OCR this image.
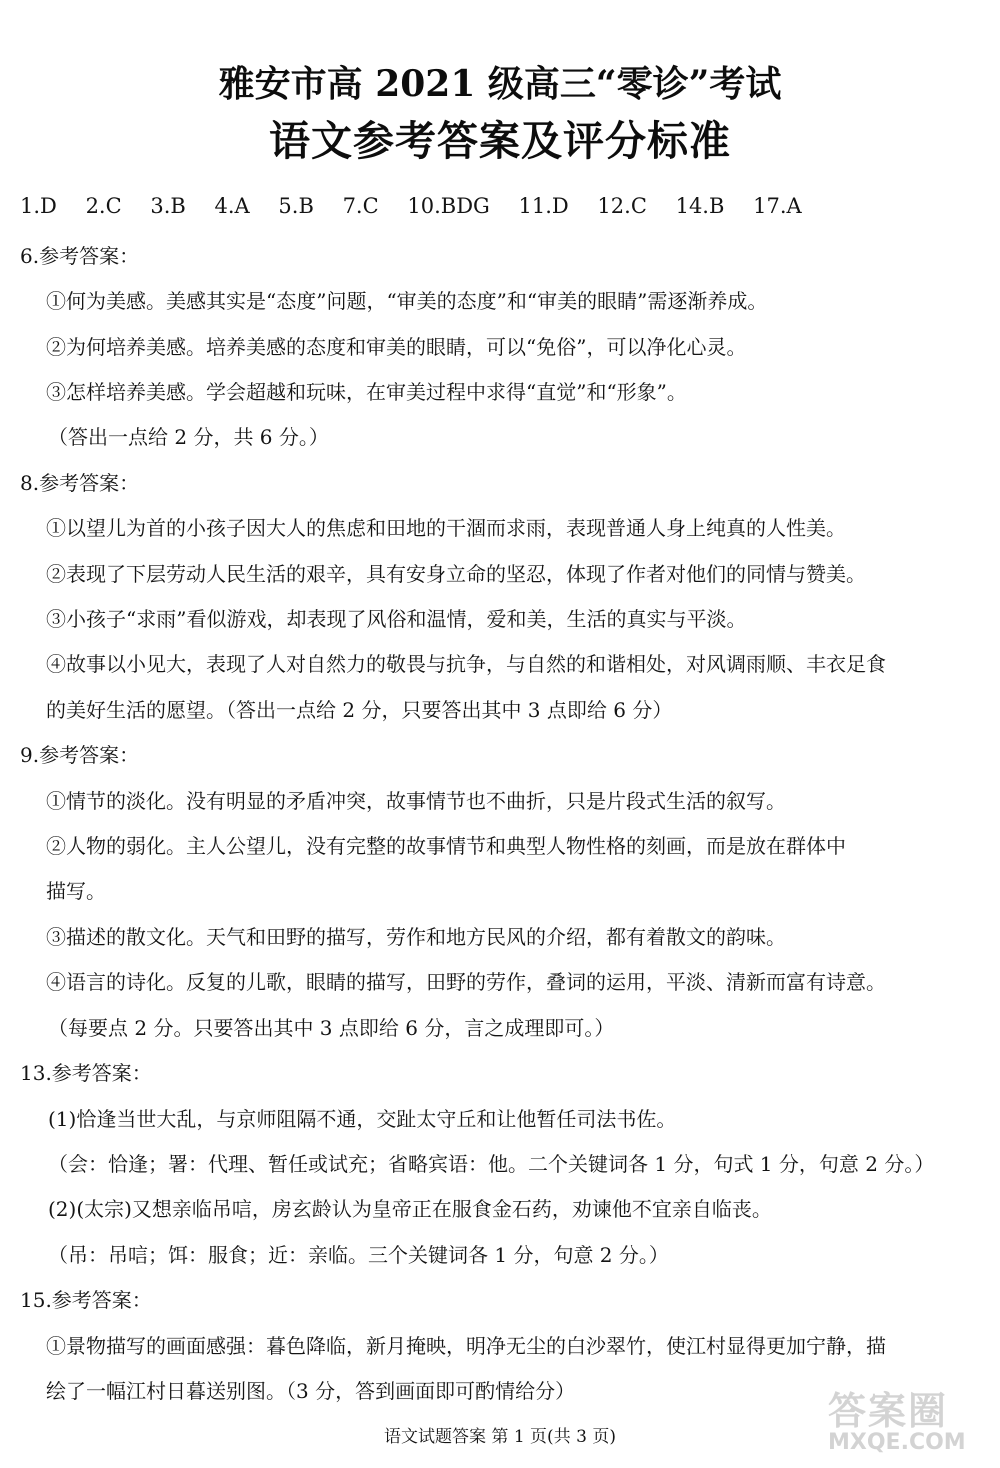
雅安市高 2021 级高三“零诊”考试
语文参考答案及评分标准
1.D 2.C 3.B 4.A 5.B 7.C 10.BDG 11.D 12.C 14.B 17.A

6.参考答案：

①何为美感。美感其实是“态度”问题，“审美的态度”和“审美的眼睛”需逐渐养成。

②为何培养美感。培养美感的态度和审美的眼睛，可以“免俗”，可以净化心灵。

③怎样培养美感。学会超越和玩味，在审美过程中求得“直觉”和“形象”。

（答出一点给 2 分，共 6 分。）

8.参考答案：

①以望儿为首的小孩子因大人的焦虑和田地的干涸而求雨，表现普通人身上纯真的人性美。

②表现了下层劳动人民生活的艰辛，具有安身立命的坚忍，体现了作者对他们的同情与赞美。

③小孩子“求雨”看似游戏，却表现了风俗和温情，爱和美，生活的真实与平淡。

④故事以小见大，表现了人对自然力的敬畏与抗争，与自然的和谐相处，对风调雨顺、丰衣足食

的美好生活的愿望。（答出一点给 2 分，只要答出其中 3 点即给 6 分）

9.参考答案：

①情节的淡化。没有明显的矛盾冲突，故事情节也不曲折，只是片段式生活的叙写。

②人物的弱化。主人公望儿，没有完整的故事情节和典型人物性格的刻画，而是放在群体中

描写。

③描述的散文化。天气和田野的描写，劳作和地方民风的介绍，都有着散文的韵味。

④语言的诗化。反复的儿歌，眼睛的描写，田野的劳作，叠词的运用，平淡、清新而富有诗意。

（每要点 2 分。只要答出其中 3 点即给 6 分，言之成理即可。）

13.参考答案：

(1)恰逢当世大乱，与京师阻隔不通，交趾太守丘和让他暂任司法书佐。

（会：恰逢；署：代理、暂任或试充；省略宾语：他。二个关键词各 1 分，句式 1 分，句意 2 分。）

(2)(太宗)又想亲临吊唁，房玄龄认为皇帝正在服食金石药，劝谏他不宜亲自临丧。

（吊：吊唁；饵：服食；近：亲临。三个关键词各 1 分，句意 2 分。）

15.参考答案：

①景物描写的画面感强：暮色降临，新月掩映，明净无尘的白沙翠竹，使江村显得更加宁静，描

绘了一幅江村日暮送别图。（3 分，答到画面即可酌情给分）

语文试题答案 第 1 页(共 3 页)
答案圈
MXQE.COM
